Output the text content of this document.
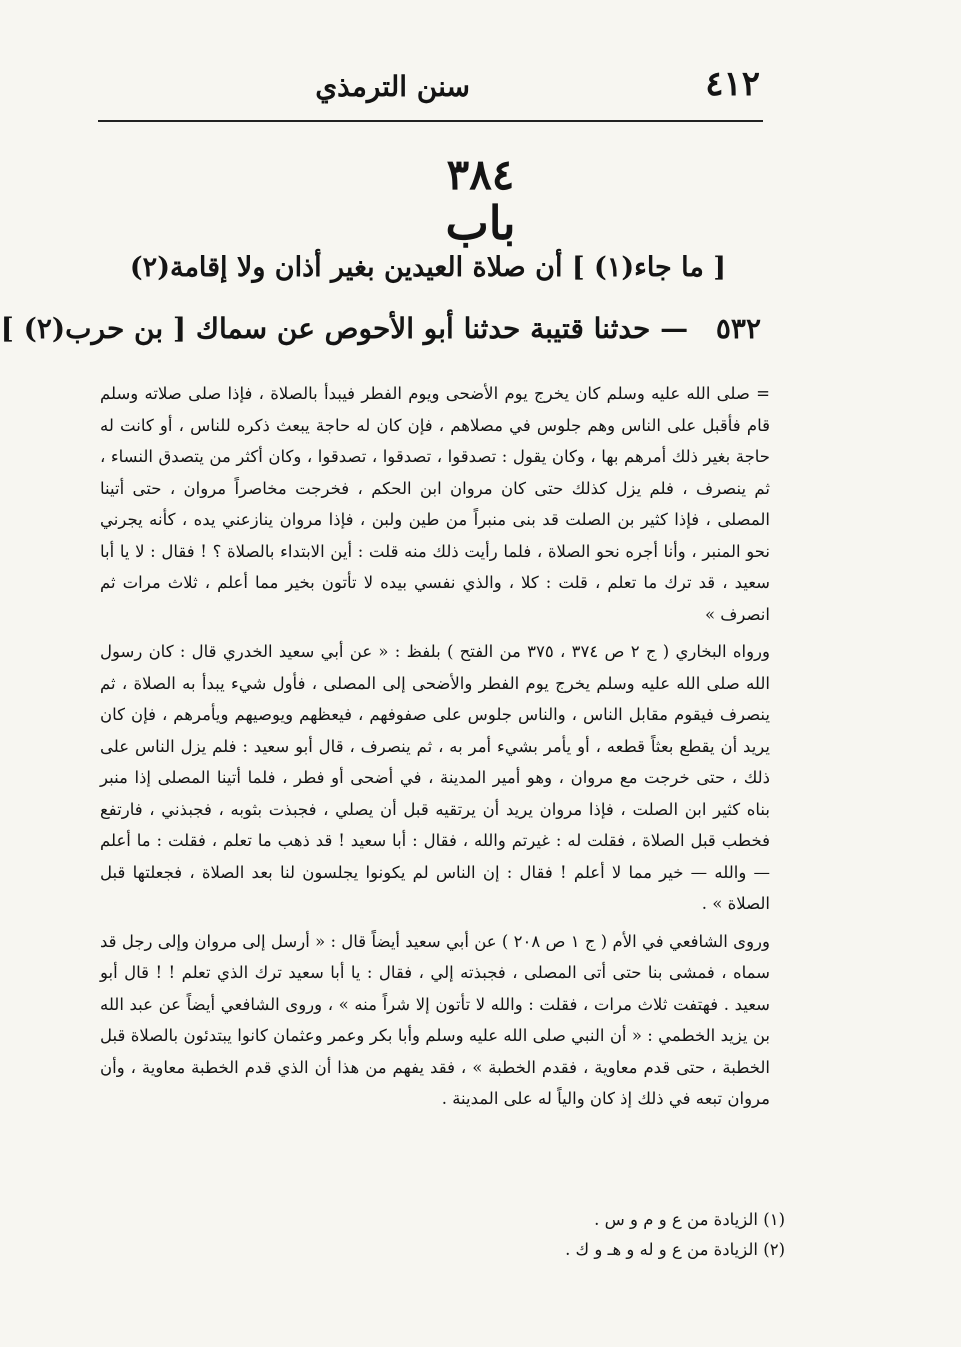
٤١٢
سنن الترمذي
٣٨٤
باب
[ ما جاء(١) ] أن صلاة العيدين بغير أذان ولا إقامة(٢)
٥٣٢ — حدثنا قتيبة حدثنا أبو الأحوص عن سماك [ بن حرب(٢) ]

= صلى الله عليه وسلم كان يخرج يوم الأضحى ويوم الفطر فيبدأ بالصلاة ، فإذا صلى صلاته وسلم قام فأقبل على الناس وهم جلوس في مصلاهم ، فإن كان له حاجة يبعث ذكره للناس ، أو كانت له حاجة بغير ذلك أمرهم بها ، وكان يقول : تصدقوا ، تصدقوا ، تصدقوا ، وكان أكثر من يتصدق النساء ، ثم ينصرف ، فلم يزل كذلك حتى كان مروان ابن الحكم ، فخرجت مخاصراً مروان ، حتى أتينا المصلى ، فإذا كثير بن الصلت قد بنى منبراً من طين ولبن ، فإذا مروان ينازعني يده ، كأنه يجرني نحو المنبر ، وأنا أجره نحو الصلاة ، فلما رأيت ذلك منه قلت : أين الابتداء بالصلاة ؟ ! فقال : لا يا أبا سعيد ، قد ترك ما تعلم ، قلت : كلا ، والذي نفسي بيده لا تأتون بخير مما أعلم ، ثلاث مرات ثم انصرف »

ورواه البخاري ( ج ٢ ص ٣٧٤ ، ٣٧٥ من الفتح ) بلفظ : « عن أبي سعيد الخدري قال : كان رسول الله صلى الله عليه وسلم يخرج يوم الفطر والأضحى إلى المصلى ، فأول شيء يبدأ به الصلاة ، ثم ينصرف فيقوم مقابل الناس ، والناس جلوس على صفوفهم ، فيعظهم ويوصيهم ويأمرهم ، فإن كان يريد أن يقطع بعثاً قطعه ، أو يأمر بشيء أمر به ، ثم ينصرف ، قال أبو سعيد : فلم يزل الناس على ذلك ، حتى خرجت مع مروان ، وهو أمير المدينة ، في أضحى أو فطر ، فلما أتينا المصلى إذا منبر بناه كثير ابن الصلت ، فإذا مروان يريد أن يرتقيه قبل أن يصلي ، فجبذت بثوبه ، فجبذني ، فارتفع فخطب قبل الصلاة ، فقلت له : غيرتم والله ، فقال : أبا سعيد ! قد ذهب ما تعلم ، فقلت : ما أعلم — والله — خير مما لا أعلم ! فقال : إن الناس لم يكونوا يجلسون لنا بعد الصلاة ، فجعلتها قبل الصلاة » .

وروى الشافعي في الأم ( ج ١ ص ٢٠٨ ) عن أبي سعيد أيضاً قال : « أرسل إلى مروان وإلى رجل قد سماه ، فمشى بنا حتى أتى المصلى ، فجبذته إلي ، فقال : يا أبا سعيد ترك الذي تعلم ! ! قال أبو سعيد . فهتفت ثلاث مرات ، فقلت : والله لا تأتون إلا شراً منه » ، وروى الشافعي أيضاً عن عبد الله بن يزيد الخطمي : « أن النبي صلى الله عليه وسلم وأبا بكر وعمر وعثمان كانوا يبتدئون بالصلاة قبل الخطبة ، حتى قدم معاوية ، فقدم الخطبة » ، فقد يفهم من هذا أن الذي قدم الخطبة معاوية ، وأن مروان تبعه في ذلك إذ كان والياً له على المدينة .

(١) الزيادة من ع و م و س .

(٢) الزيادة من ع و له و هـ و ك .
